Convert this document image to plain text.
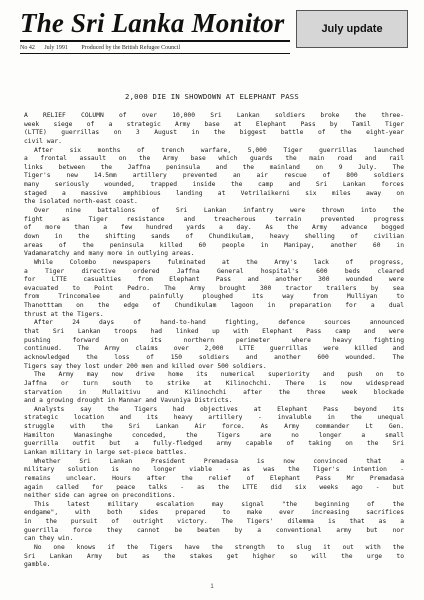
The Sri Lanka Monitor
No 42 July 1991 Produced by the British Refugee Council
July update
2,000 DIE IN SHOWDOWN AT ELEPHANT PASS
A RELIEF COLUMN of over 10,000 Sri Lankan soldiers broke the three-
week siege of a strategic Army base at Elephant Pass by Tamil Tiger
(LTTE) guerrillas on 3 August in the biggest battle of the eight-year
civil war.
After six months of trench warfare, 5,000 Tiger guerrillas launched
a frontal assault on the Army base which guards the main road and rail
links between the Jaffna peninsula and the mainland on 9 July. The
Tiger's new 14.5mm artillery prevented an air rescue of 800 soldiers
many seriously wounded, trapped inside the camp and Sri Lankan forces
staged a massive amphibious landing at Vetrilaikerni six miles away on
the isolated north-east coast.
Over nine battalions of Sri Lankan infantry were thrown into the
fight as Tiger resistance and treacherous terrain prevented progress
of more than a few hundred yards a day. As the Army advance bogged
down in the shifting sands of Chundikulam, heavy shelling of civilian
areas of the peninsula killed 60 people in Manipay, another 60 in
Vadamaratchy and many more in outlying areas.
While Colombo newspapers fulminated at the Army's lack of progress,
a Tiger directive ordered Jaffna General hospital's 600 beds cleared
for LTTE casualties from Elephant Pass and another 300 wounded were
evacuated to Point Pedro. The Army brought 300 tractor trailers by sea
from Trincomalee and painfully ploughed its way from Mulliyan to
Thanotttam on the edge of Chundikulam lagoon in preparation for a dual
thrust at the Tigers.
After 24 days of hand-to-hand fighting, defence sources announced
that Sri Lankan troops had linked up with Elephant Pass camp and were
pushing forward on its northern perimeter where heavy fighting
continued. The Army claims over 2,000 LTTE guerrillas were killed and
acknowledged the loss of 150 soldiers and another 600 wounded. The
Tigers say they lost under 200 men and killed over 500 soldiers.
The Army may now drive home its numerical superiority and push on to
Jaffna or turn south to strike at Kilinochchi. There is now widespread
starvation in Mullaitivu and Kilinochchi after the three week blockade
and a growing drought in Mannar and Vavuniya Districts.
Analysts say the Tigers had objectives at Elephant Pass beyond its
strategic location and its heavy artillery - invaluble in the unequal
struggle with the Sri Lankan Air force. As Army commander Lt Gen.
Hamilton Wanasinghe conceded, the Tigers are no longer a small
guerrilla outfit but a fully-fledged army capable of taking on the Sri
Lankan military in large set-piece battles.
Whether Sri Lankan President Premadasa is now convinced that a
military solution is no longer viable - as was the Tiger's intention -
remains unclear. Hours after the relief of Elephant Pass Mr Premadasa
again called for peace talks - as the LTTE did six weeks ago - but
neither side can agree on preconditions.
This latest military escalation may signal "the beginning of the
endgame", with both sides prepared to make ever increasing sacrifices
in the pursuit of outright victory. The Tigers' dilemma is that as a
guerrilla force they cannot be beaten by a conventional army but nor
can they win.
No one knows if the Tigers have the strength to slug it out with the
Sri Lankan Army but as the stakes get higher so will the urge to
gamble.
1
